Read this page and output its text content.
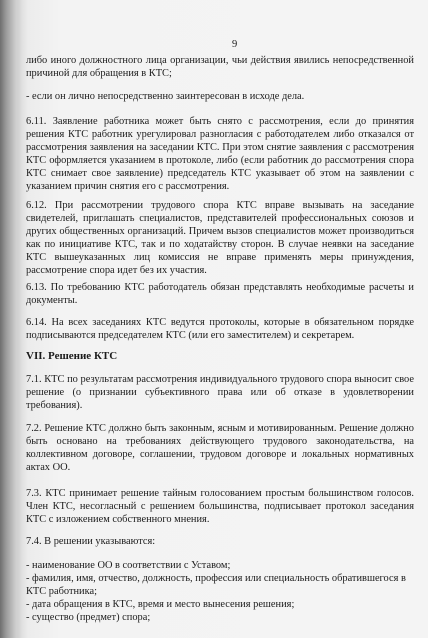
9
либо иного должностного лица организации, чьи действия явились непосредственной причиной для обращения в КТС;
- если он лично непосредственно заинтересован в исходе дела.
6.11. Заявление работника может быть снято с рассмотрения, если до принятия решения КТС работник урегулировал разногласия с работодателем либо отказался от рассмотрения заявления на заседании КТС. При этом снятие заявления с рассмотрения КТС оформляется указанием в протоколе, либо (если работник до рассмотрения спора КТС снимает свое заявление) председатель КТС указывает об этом на заявлении с указанием причин снятия его с рассмотрения.
6.12. При рассмотрении трудового спора КТС вправе вызывать на заседание свидетелей, приглашать специалистов, представителей профессиональных союзов и других общественных организаций. Причем вызов специалистов может производиться как по инициативе КТС, так и по ходатайству сторон. В случае неявки на заседание КТС вышеуказанных лиц комиссия не вправе применять меры принуждения, рассмотрение спора идет без их участия.
6.13. По требованию КТС работодатель обязан представлять необходимые расчеты и документы.
6.14. На всех заседаниях КТС ведутся протоколы, которые в обязательном порядке подписываются председателем КТС (или его заместителем) и секретарем.
VII. Решение КТС
7.1. КТС по результатам рассмотрения индивидуального трудового спора выносит свое решение (о признании субъективного права или об отказе в удовлетворении требования).
7.2. Решение КТС должно быть законным, ясным и мотивированным. Решение должно быть основано на требованиях действующего трудового законодательства, на коллективном договоре, соглашении, трудовом договоре и локальных нормативных актах ОО.
7.3. КТС принимает решение тайным голосованием простым большинством голосов. Член КТС, несогласный с решением большинства, подписывает протокол заседания КТС с изложением собственного мнения.
7.4. В решении указываются:
- наименование ОО в соответствии с Уставом;
- фамилия, имя, отчество, должность, профессия или специальность обратившегося в КТС работника;
- дата обращения в КТС, время и место вынесения решения;
- существо (предмет) спора;
